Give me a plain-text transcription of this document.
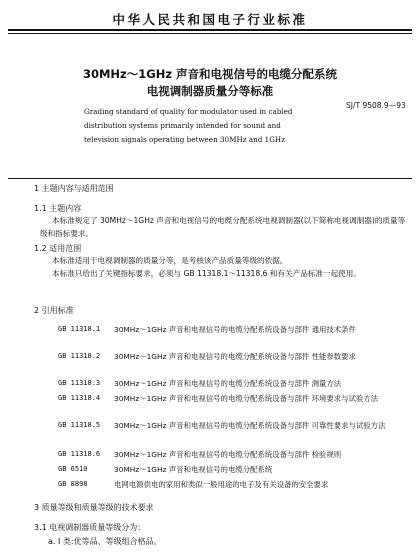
中华人民共和国电子行业标准
30MHz～1GHz 声音和电视信号的电缆分配系统
电视调制器质量分等标准
SJ/T 9508.9—93
Grading standard of quality for modulator used in cabled
distribution systems primarily intended for sound and
television signals operating between 30MHz and 1GHz
1 主题内容与适用范围
1.1 主题内容

本标准规定了 30MHz～1GHz 声音和电视信号的电缆分配系统电视调制器(以下简称电视调制器)的质量等级和指标要求。

1.2 适用范围

本标准适用于电视调制器的质量分等，是考核该产品质量等级的依据。

本标准只给出了关键指标要求，必须与 GB 11318.1～11318.6 和有关产品标准一起使用。

2 引用标准
GB 11318.1 30MHz～1GHz 声音和电视信号的电缆分配系统设备与部件 通用技术条件

GB 11318.2 30MHz～1GHz 声音和电视信号的电缆分配系统设备与部件 性能参数要求

GB 11318.3 30MHz～1GHz 声音和电视信号的电缆分配系统设备与部件 测量方法

GB 11318.4 30MHz～1GHz 声音和电视信号的电缆分配系统设备与部件 环境要求与试验方法

GB 11318.5 30MHz～1GHz 声音和电视信号的电缆分配系统设备与部件 可靠性要求与试验方法

GB 11318.6 30MHz～1GHz 声音和电视信号的电缆分配系统设备与部件 检验规则

GB 6510	30MHz～1GHz 声音和电视信号的电缆分配系统

GB 8898	电网电源供电的家用和类似一般用途的电子及有关设备的安全要求

3 质量等级和质量等级的技术要求
3.1 电视调制器质量等级分为：
a. I 类:优等品、等级组合格品。
